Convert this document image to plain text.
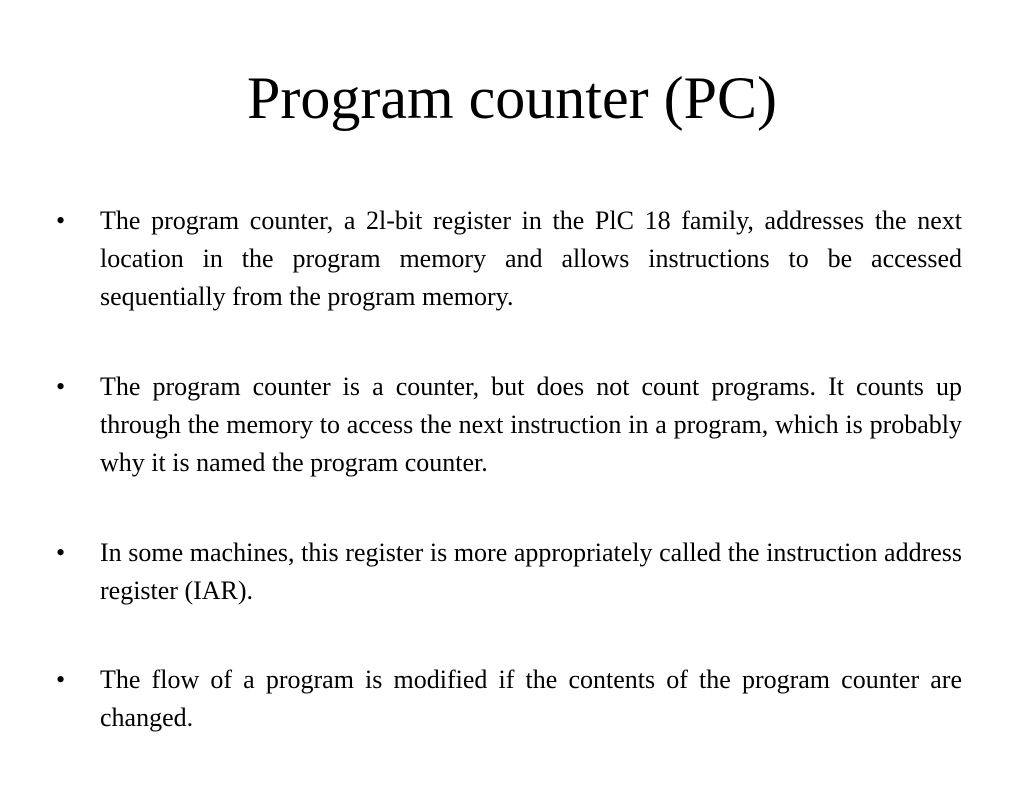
Program counter (PC)
•	The program counter, a 2l-bit register in the PlC 18 family, addresses the next location in the program memory and allows instructions to be accessed sequentially from the program memory.
•	The program counter is a counter, but does not count programs. It counts up through the memory to access the next instruction in a program, which is probably why it is named the program counter.
•	In some machines, this register is more appropriately called the instruction address register (IAR).
•	The flow of a program is modified if the contents of the program counter are changed.
